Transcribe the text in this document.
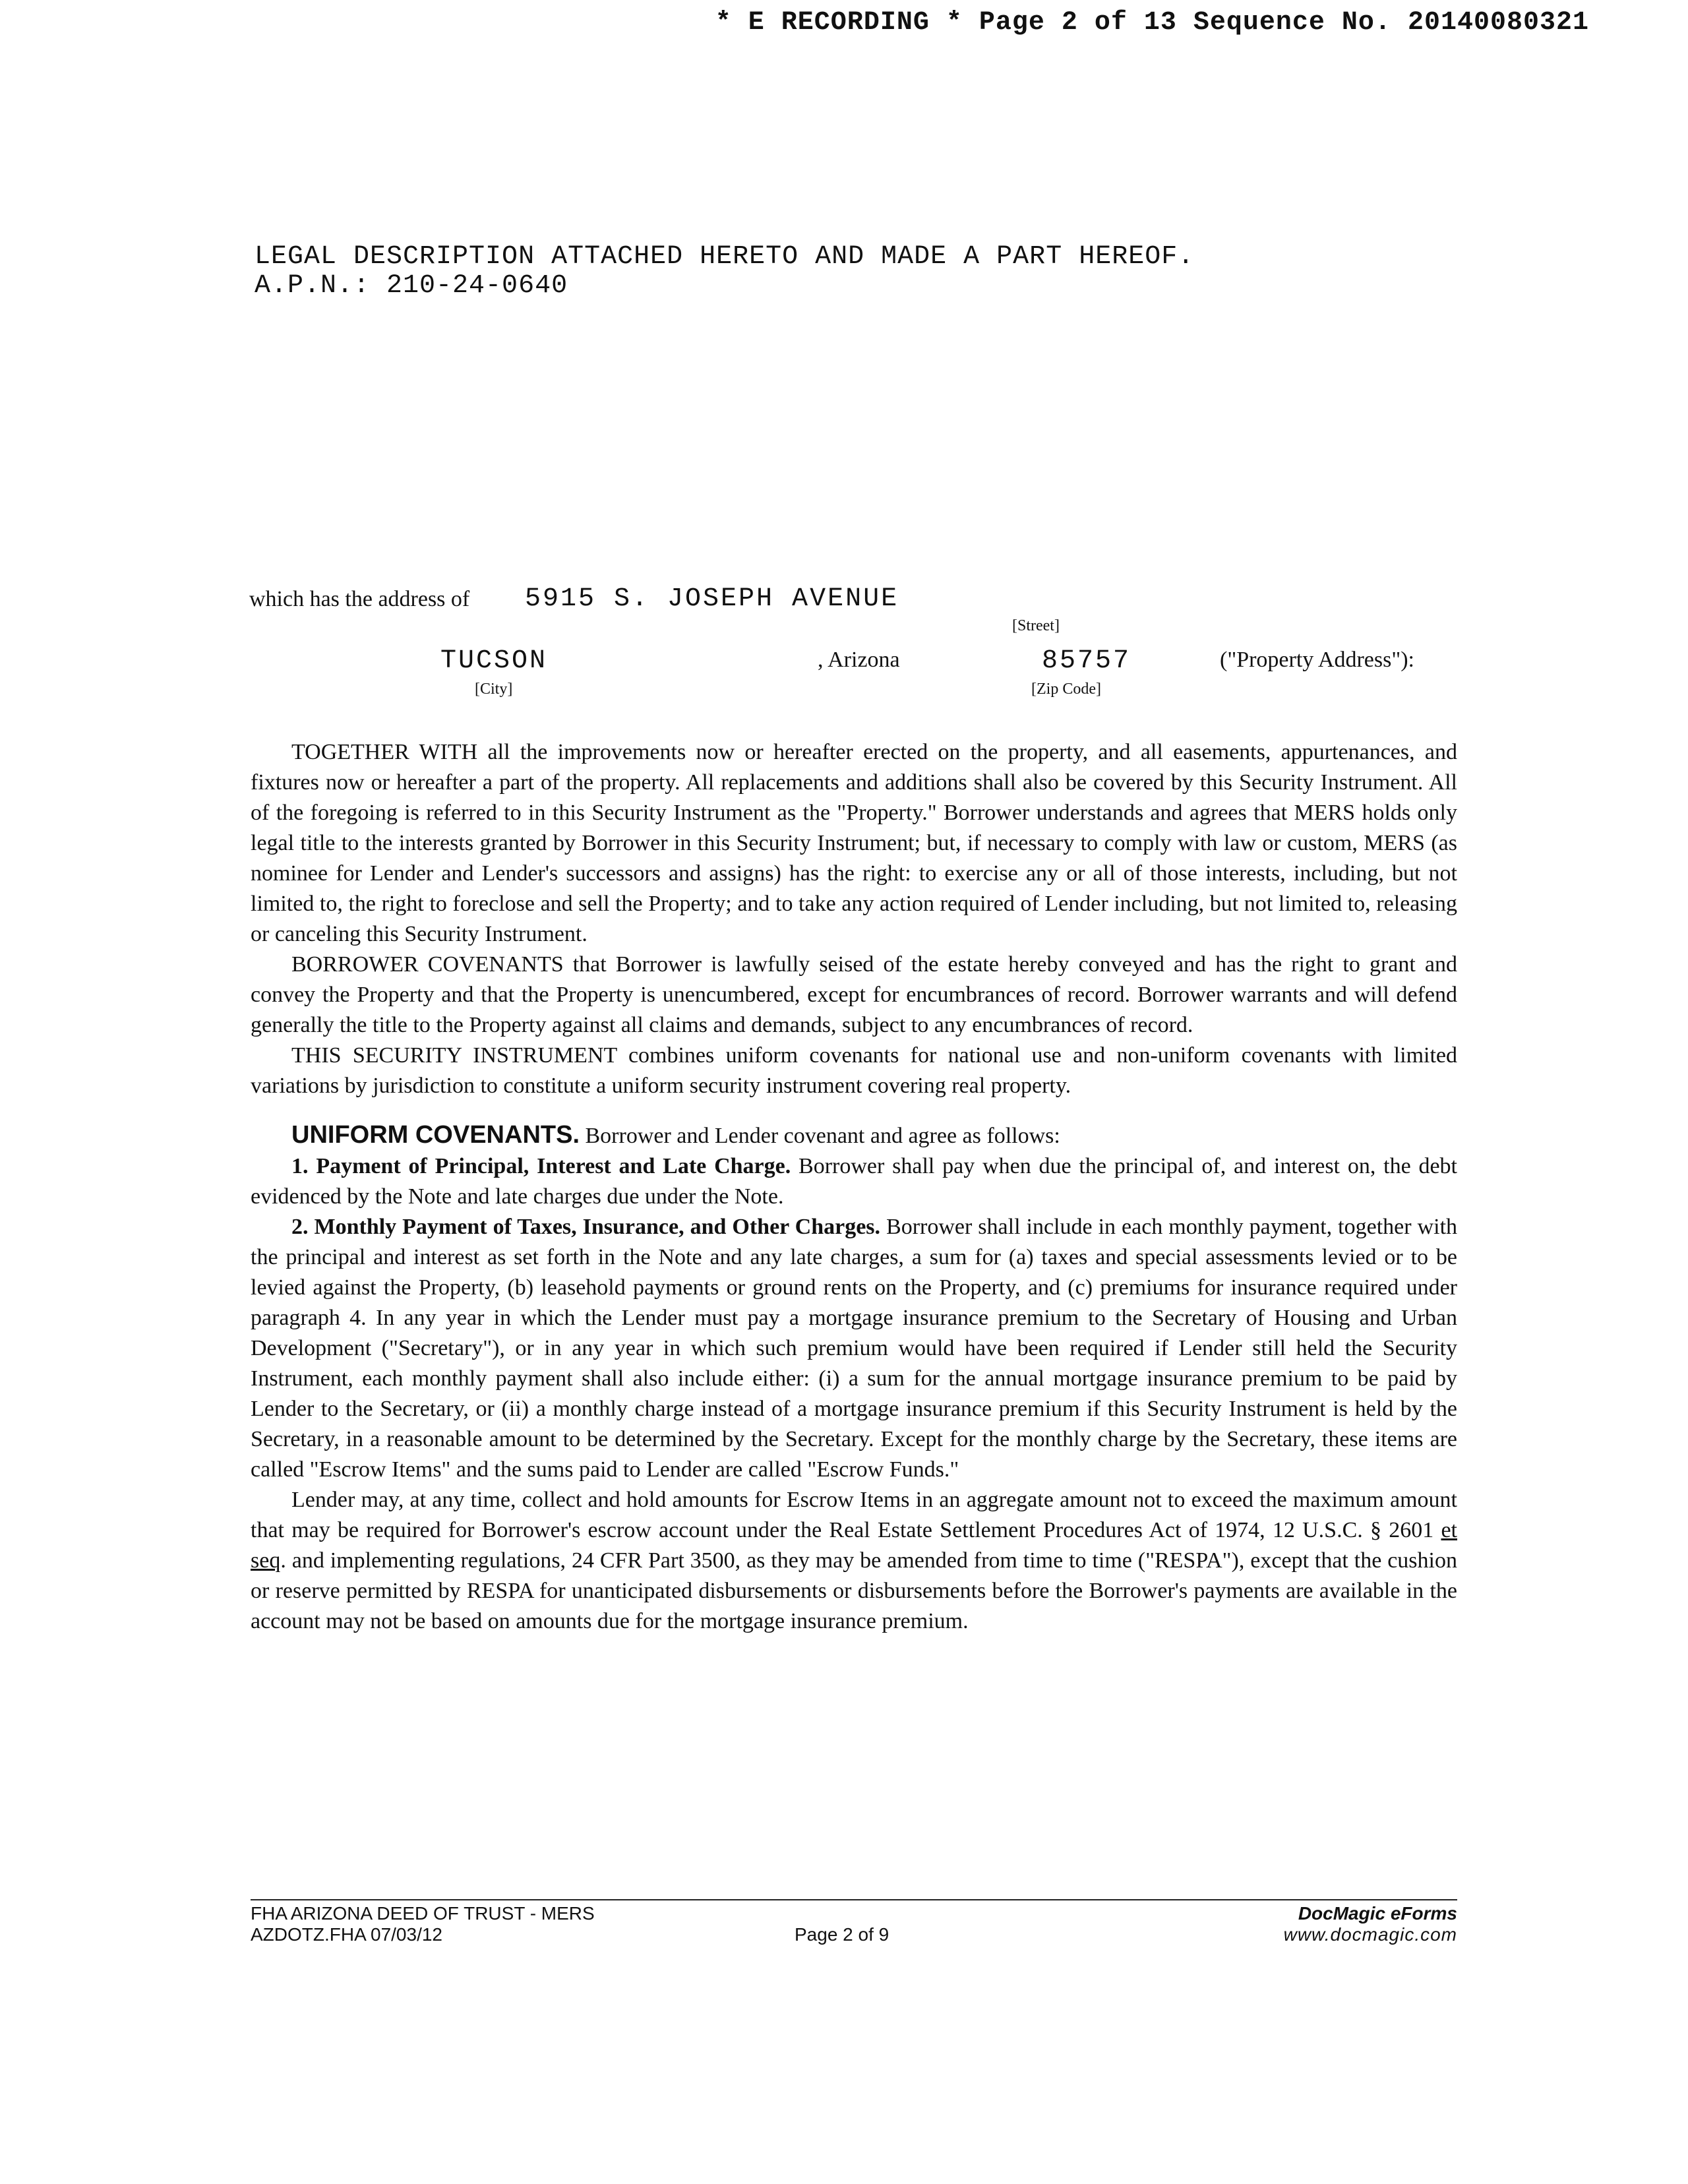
* E RECORDING * Page 2 of 13 Sequence No. 20140080321
LEGAL DESCRIPTION ATTACHED HERETO AND MADE A PART HEREOF.
A.P.N.: 210-24-0640
which has the address of 5915 S. JOSEPH AVENUE
[Street]
TUCSON	, Arizona	85757	("Property Address"):
[City]	[Zip Code]

TOGETHER WITH all the improvements now or hereafter erected on the property, and all easements, appurtenances, and fixtures now or hereafter a part of the property. All replacements and additions shall also be covered by this Security Instrument. All of the foregoing is referred to in this Security Instrument as the "Property." Borrower understands and agrees that MERS holds only legal title to the interests granted by Borrower in this Security Instrument; but, if necessary to comply with law or custom, MERS (as nominee for Lender and Lender's successors and assigns) has the right: to exercise any or all of those interests, including, but not limited to, the right to foreclose and sell the Property; and to take any action required of Lender including, but not limited to, releasing or canceling this Security Instrument.

BORROWER COVENANTS that Borrower is lawfully seised of the estate hereby conveyed and has the right to grant and convey the Property and that the Property is unencumbered, except for encumbrances of record. Borrower warrants and will defend generally the title to the Property against all claims and demands, subject to any encumbrances of record.

THIS SECURITY INSTRUMENT combines uniform covenants for national use and non-uniform covenants with limited variations by jurisdiction to constitute a uniform security instrument covering real property.

UNIFORM COVENANTS. Borrower and Lender covenant and agree as follows:

1. Payment of Principal, Interest and Late Charge. Borrower shall pay when due the principal of, and interest on, the debt evidenced by the Note and late charges due under the Note.

2. Monthly Payment of Taxes, Insurance, and Other Charges. Borrower shall include in each monthly payment, together with the principal and interest as set forth in the Note and any late charges, a sum for (a) taxes and special assessments levied or to be levied against the Property, (b) leasehold payments or ground rents on the Property, and (c) premiums for insurance required under paragraph 4. In any year in which the Lender must pay a mortgage insurance premium to the Secretary of Housing and Urban Development ("Secretary"), or in any year in which such premium would have been required if Lender still held the Security Instrument, each monthly payment shall also include either: (i) a sum for the annual mortgage insurance premium to be paid by Lender to the Secretary, or (ii) a monthly charge instead of a mortgage insurance premium if this Security Instrument is held by the Secretary, in a reasonable amount to be determined by the Secretary. Except for the monthly charge by the Secretary, these items are called "Escrow Items" and the sums paid to Lender are called "Escrow Funds."

Lender may, at any time, collect and hold amounts for Escrow Items in an aggregate amount not to exceed the maximum amount that may be required for Borrower's escrow account under the Real Estate Settlement Procedures Act of 1974, 12 U.S.C. § 2601 et seq. and implementing regulations, 24 CFR Part 3500, as they may be amended from time to time ("RESPA"), except that the cushion or reserve permitted by RESPA for unanticipated disbursements or disbursements before the Borrower's payments are available in the account may not be based on amounts due for the mortgage insurance premium.

FHA ARIZONA DEED OF TRUST - MERS
AZDOTZ.FHA 07/03/12	Page 2 of 9
DocMagic eForms
www.docmagic.com
